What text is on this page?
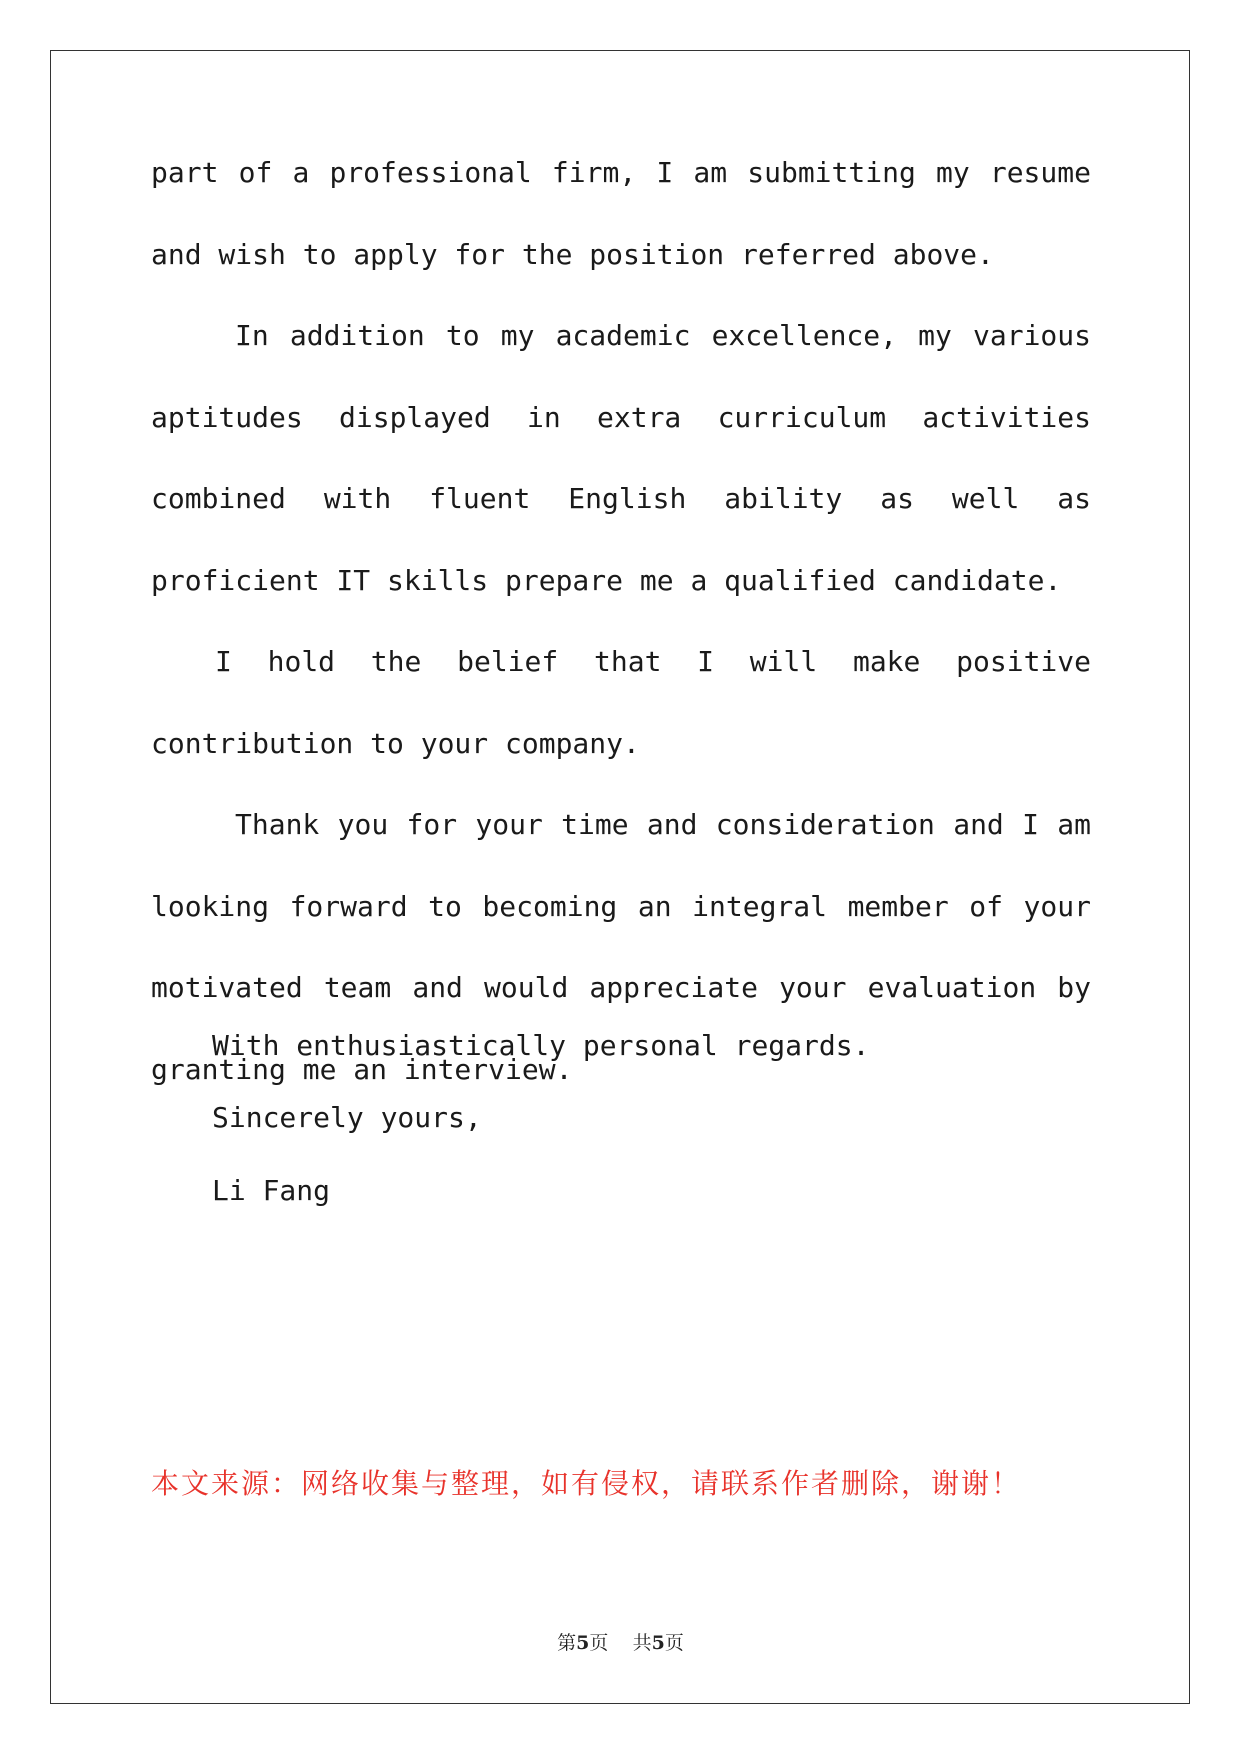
part of a professional firm, I am submitting my resume and wish to apply for the position referred above.

In addition to my academic excellence, my various aptitudes displayed in extra curriculum activities combined with fluent English ability as well as proficient IT skills prepare me a qualified candidate.

I hold the belief that I will make positive contribution to your company.

Thank you for your time and consideration and I am looking forward to becoming an integral member of your motivated team and would appreciate your evaluation by granting me an interview.

With enthusiastically personal regards.

Sincerely yours,

Li Fang

本文来源：网络收集与整理，如有侵权，请联系作者删除，谢谢！

第5页 共5页
